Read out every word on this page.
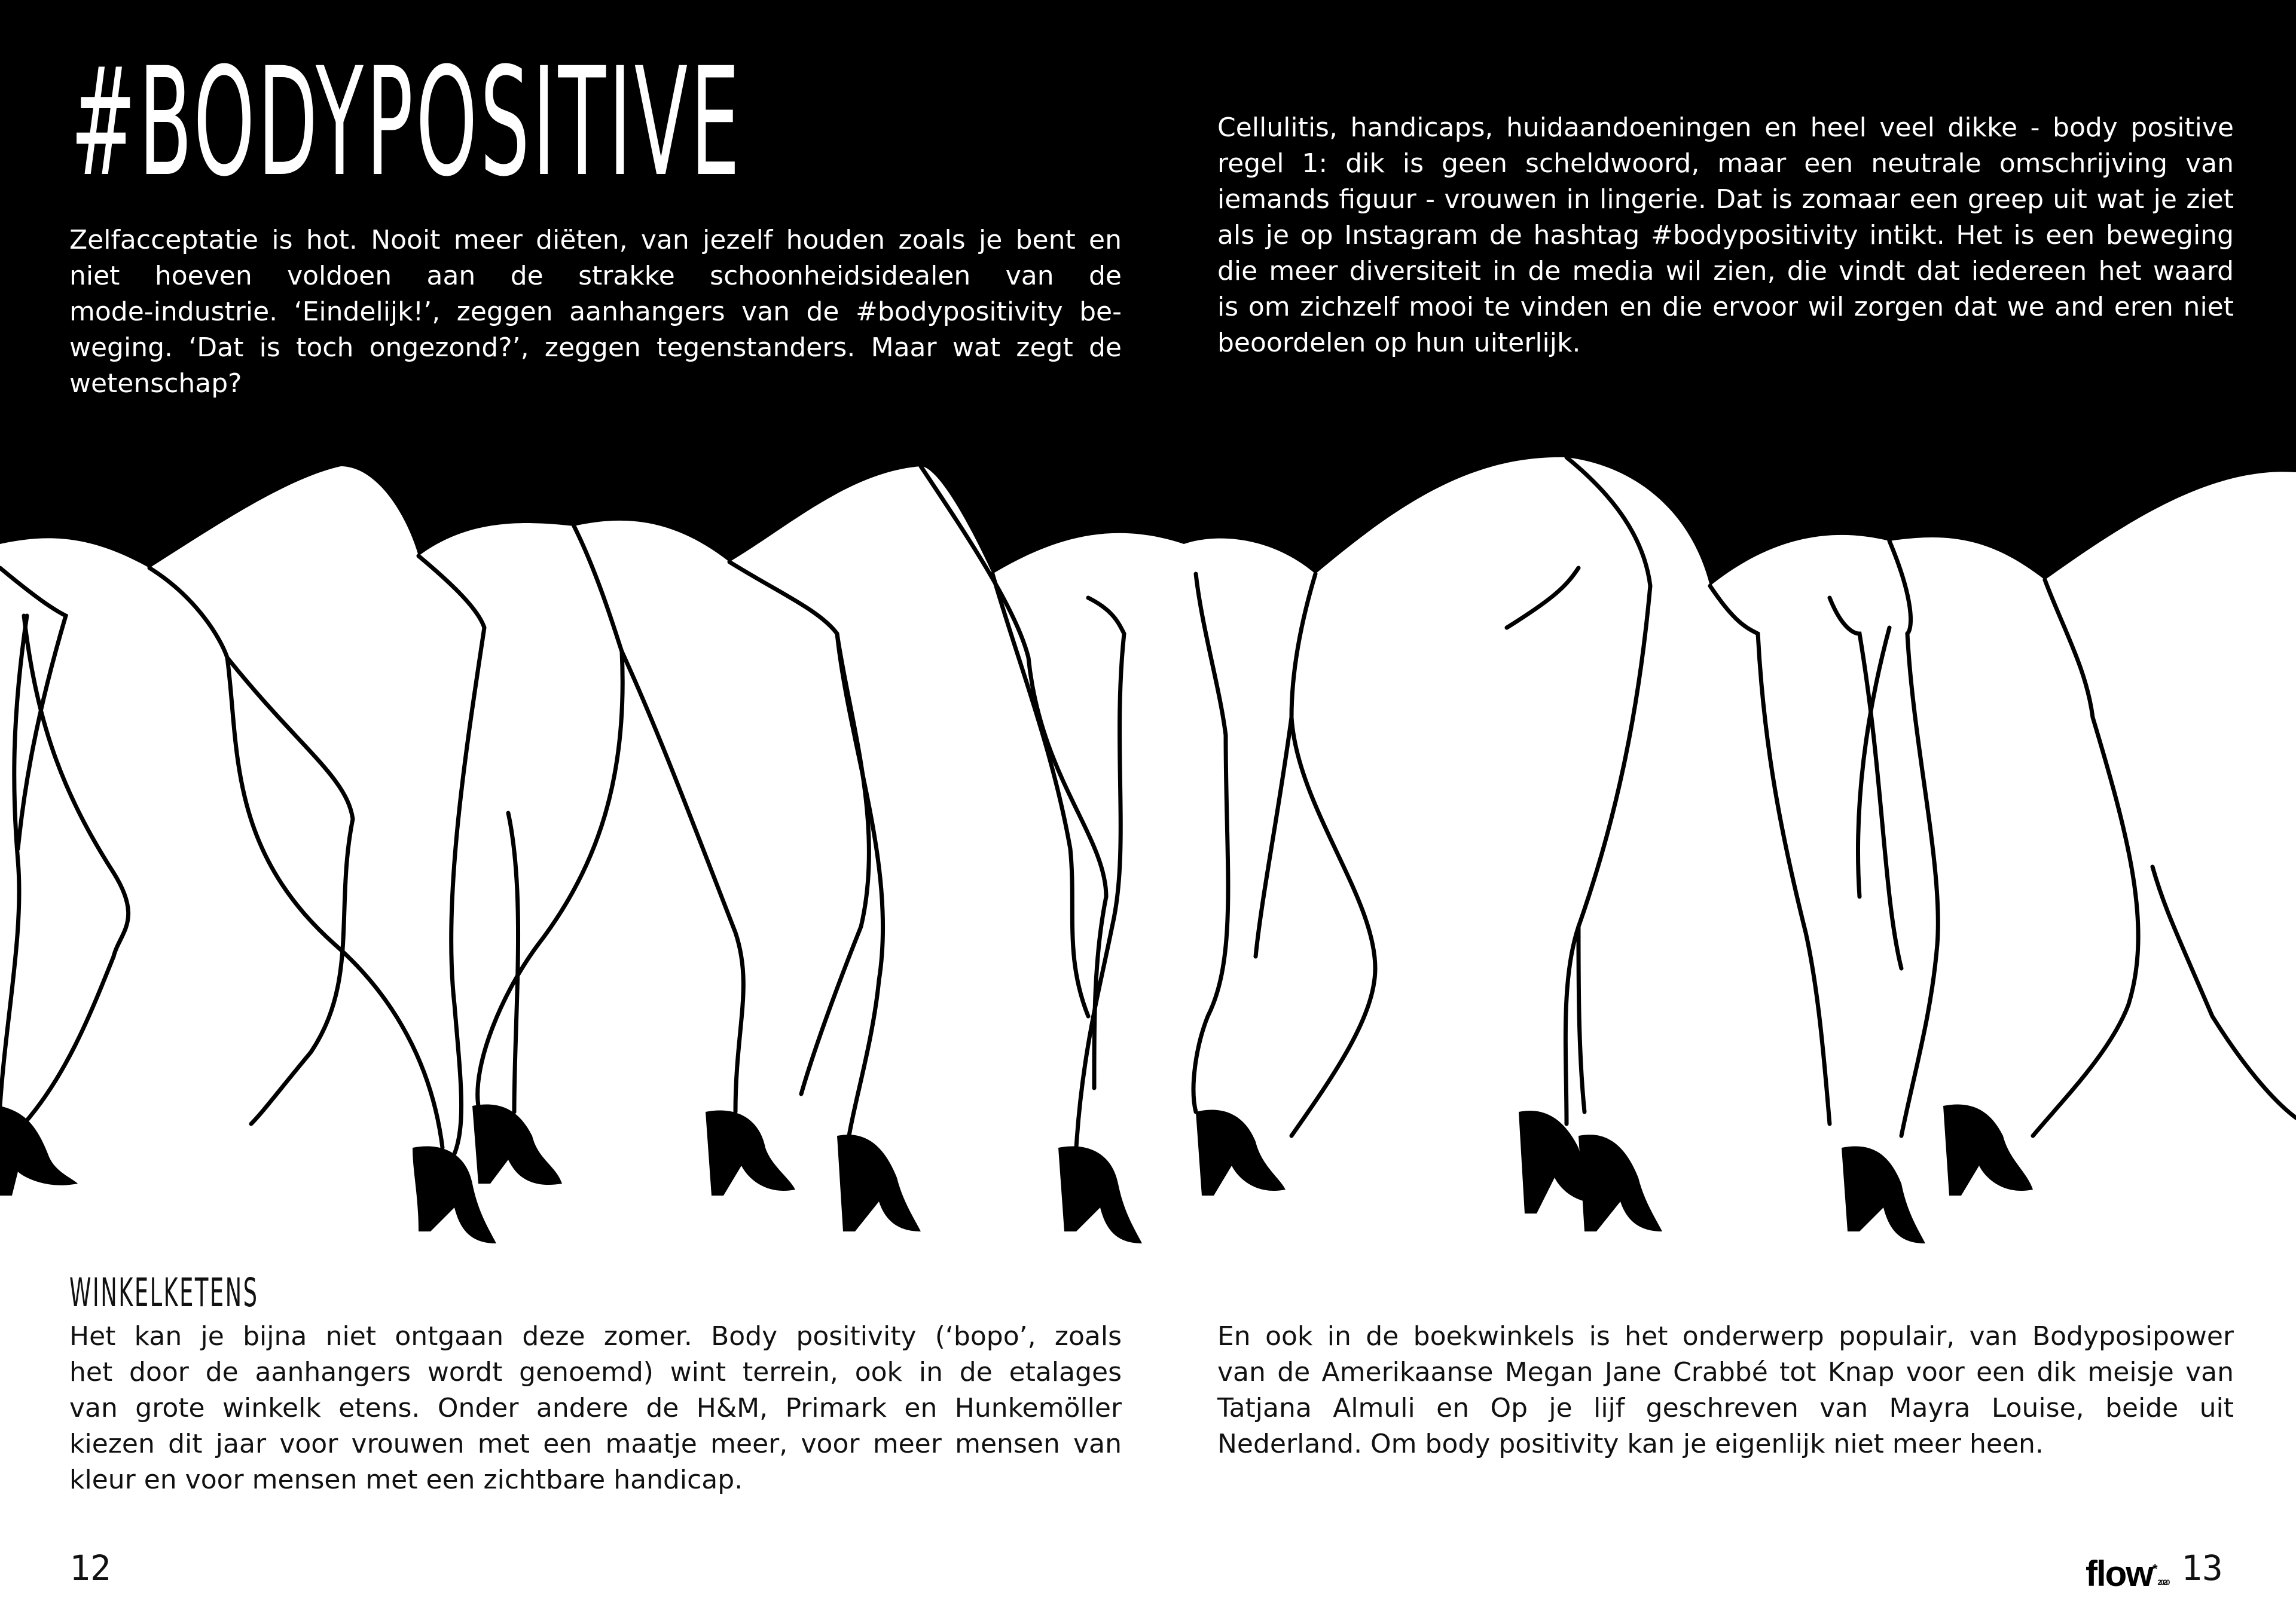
#BODYPOSITIVE
Zelfacceptatie is hot. Nooit meer diëten, van jezelf houden zoals je bent en
niet hoeven voldoen aan de strakke schoonheidsidealen van de
mode-industrie. ‘Eindelijk!’, zeggen aanhangers van de #bodypositivity be-
weging. ‘Dat is toch ongezond?’, zeggen tegenstanders. Maar wat zegt de
wetenschap?
Cellulitis, handicaps, huidaandoeningen en heel veel dikke - body positive
regel 1: dik is geen scheldwoord, maar een neutrale omschrijving van
iemands figuur - vrouwen in lingerie. Dat is zomaar een greep uit wat je ziet
als je op Instagram de hashtag #bodypositivity intikt. Het is een beweging
die meer diversiteit in de media wil zien, die vindt dat iedereen het waard
is om zichzelf mooi te vinden en die ervoor wil zorgen dat we and eren niet
beoordelen op hun uiterlijk.
WINKELKETENS
Het kan je bijna niet ontgaan deze zomer. Body positivity (‘bopo’, zoals
het door de aanhangers wordt genoemd) wint terrein, ook in de etalages
van grote winkelk etens. Onder andere de H&M, Primark en Hunkemöller
kiezen dit jaar voor vrouwen met een maatje meer, voor meer mensen van
kleur en voor mensen met een zichtbare handicap.
En ook in de boekwinkels is het onderwerp populair, van Bodyposipower
van de Amerikaanse Megan Jane Crabbé tot Knap voor een dik meisje van
Tatjana Almuli en Op je lijf geschreven van Mayra Louise, beide uit
Nederland. Om body positivity kan je eigenlijk niet meer heen.
12	flow*2020 13
